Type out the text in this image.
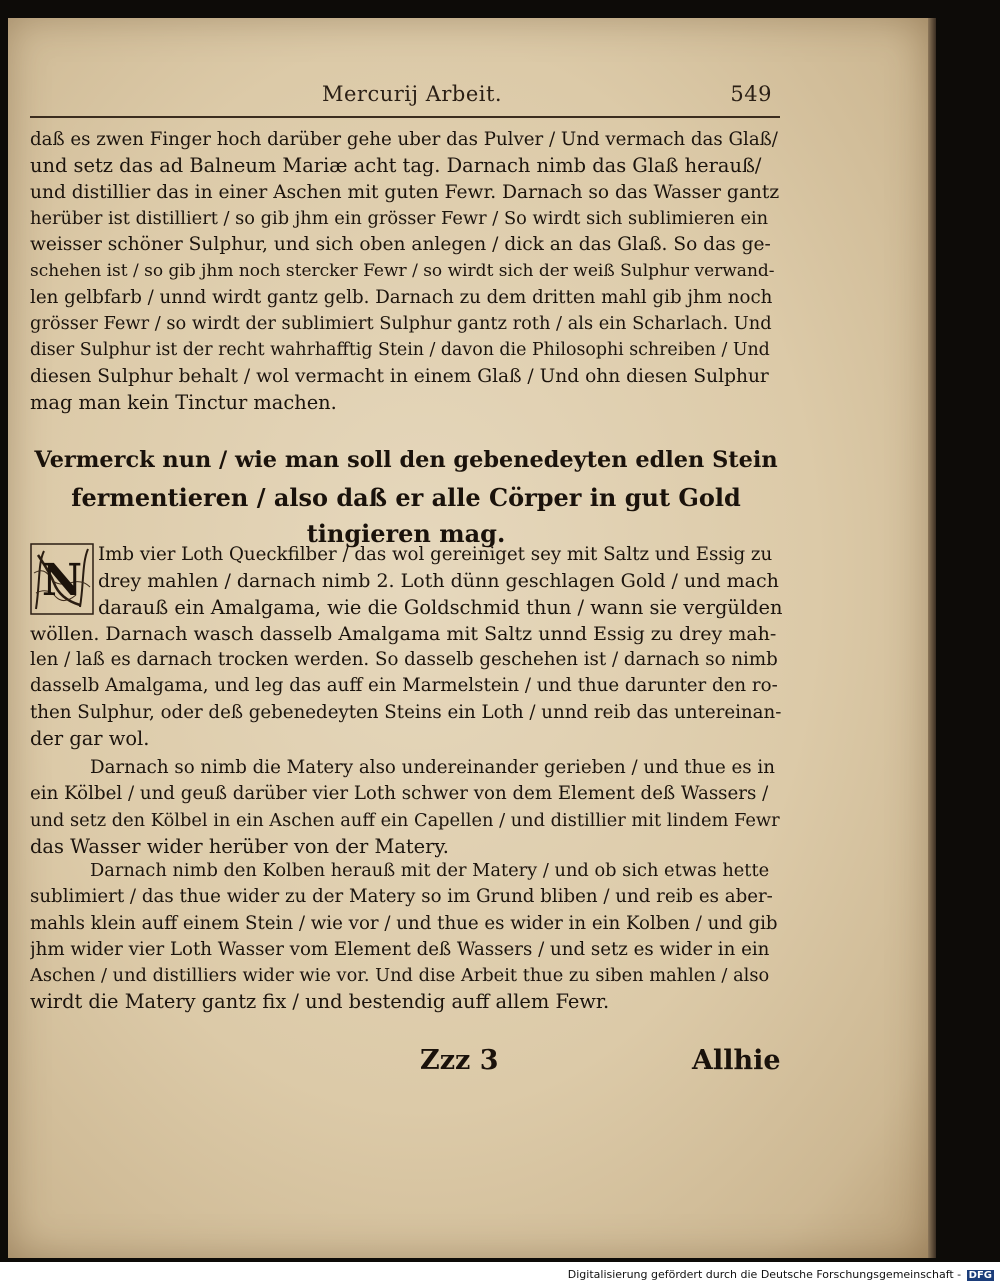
Mercurij Arbeit.	549
daß es zwen Finger hoch darüber gehe uber das Pulver / Und vermach das Glaß/
und setz das ad Balneum Mariæ acht tag. Darnach nimb das Glaß herauß/
und distillier das in einer Aschen mit guten Fewr. Darnach so das Wasser gantz
herüber ist distilliert / so gib jhm ein grösser Fewr / So wirdt sich sublimieren ein
weisser schöner Sulphur, und sich oben anlegen / dick an das Glaß. So das ge-
schehen ist / so gib jhm noch stercker Fewr / so wirdt sich der weiß Sulphur verwand-
len gelbfarb / unnd wirdt gantz gelb. Darnach zu dem dritten mahl gib jhm noch
grösser Fewr / so wirdt der sublimiert Sulphur gantz roth / als ein Scharlach. Und
diser Sulphur ist der recht wahrhafftig Stein / davon die Philosophi schreiben / Und
diesen Sulphur behalt / wol vermacht in einem Glaß / Und ohn diesen Sulphur
mag man kein Tinctur machen.
Vermerck nun / wie man soll den gebenedeyten edlen Stein
fermentieren / also daß er alle Cörper in gut Gold
tingieren mag.
N
Imb vier Loth Queckfilber / das wol gereiniget sey mit Saltz und Essig zu
drey mahlen / darnach nimb 2. Loth dünn geschlagen Gold / und mach
darauß ein Amalgama, wie die Goldschmid thun / wann sie vergülden
wöllen. Darnach wasch dasselb Amalgama mit Saltz unnd Essig zu drey mah-
len / laß es darnach trocken werden. So dasselb geschehen ist / darnach so nimb
dasselb Amalgama, und leg das auff ein Marmelstein / und thue darunter den ro-
then Sulphur, oder deß gebenedeyten Steins ein Loth / unnd reib das untereinan-
der gar wol.
Darnach so nimb die Matery also undereinander gerieben / und thue es in
ein Kölbel / und geuß darüber vier Loth schwer von dem Element deß Wassers /
und setz den Kölbel in ein Aschen auff ein Capellen / und distillier mit lindem Fewr
das Wasser wider herüber von der Matery.
Darnach nimb den Kolben herauß mit der Matery / und ob sich etwas hette
sublimiert / das thue wider zu der Matery so im Grund bliben / und reib es aber-
mahls klein auff einem Stein / wie vor / und thue es wider in ein Kolben / und gib
jhm wider vier Loth Wasser vom Element deß Wassers / und setz es wider in ein
Aschen / und distilliers wider wie vor. Und dise Arbeit thue zu siben mahlen / also
wirdt die Matery gantz fix / und bestendig auff allem Fewr.
Zzz 3	Allhie
Digitalisierung gefördert durch die Deutsche Forschungsgemeinschaft - DFG
